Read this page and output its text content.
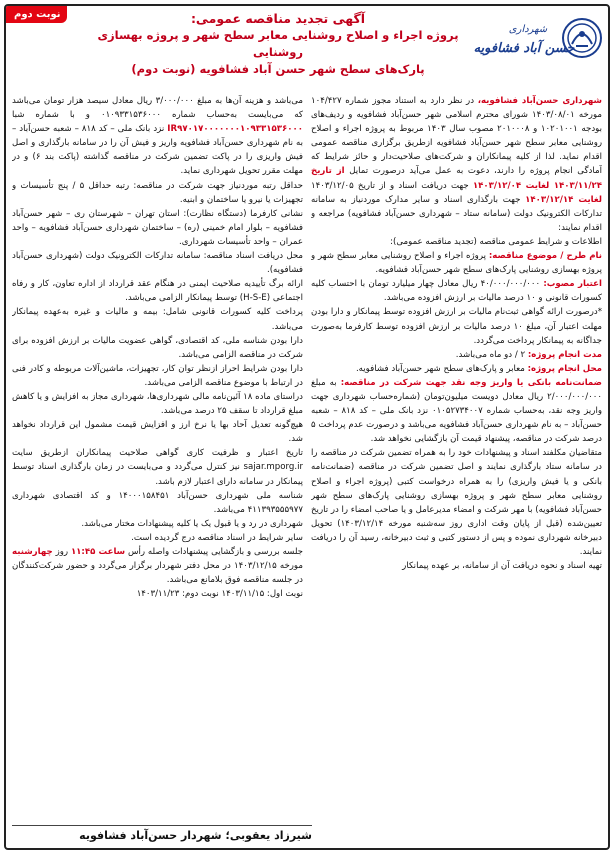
نوبت دوم
شهرداری
حسن آباد فشافویه
آگهی تجدید مناقصه عمومی:
پروژه اجراء و اصلاح روشنایی معابر سطح شهر و پروژه بهسازی روشنایی
پارک‌های سطح شهر حسن آباد فشافویه (نوبت دوم)

شهرداری حسن‌آباد فشافویه، در نظر دارد به استناد مجوز شماره ۱۰۴/۴۲۷ مورخه ۱۴۰۳/۰۸/۰۱ شورای محترم اسلامی شهر حسن‌آباد فشافویه و ردیف‌های بودجه ۱۰۲۰۱۰۰۱ و ۲۰۱۰۰۰۸ مصوب سال ۱۴۰۳ مربوط به پروژه اجراء و اصلاح روشنایی معابر سطح شهر حسن‌آباد فشافویه ازطریق برگزاری مناقصه عمومی اقدام نماید. لذا از کلیه پیمانکاران و شرکت‌های صلاحیت‌دار و حائز شرایط که آمادگی انجام پروژه را دارند، دعوت به عمل می‌آید درصورت تمایل از تاریخ ۱۴۰۳/۱۱/۲۴ لغایت ۱۴۰۳/۱۲/۰۴ جهت دریافت اسناد و از تاریخ ۱۴۰۳/۱۲/۰۵ لغایت ۱۴۰۳/۱۲/۱۴ جهت بارگذاری اسناد و سایر مدارک موردنیاز به سامانه تدارکات الکترونیک دولت (سامانه ستاد – شهرداری حسن‌آباد فشافویه) مراجعه و اقدام نمایند:

اطلاعات و شرایط عمومی مناقصه (تجدید مناقصه عمومی):

نام طرح / موضوع مناقصه: پروژه اجراء و اصلاح روشنایی معابر سطح شهر و پروژه بهسازی روشنایی پارک‌های سطح شهر حسن‌آباد فشافویه.

اعتبار مصوب: ۴۰/۰۰۰/۰۰۰/۰۰۰ ریال معادل چهار میلیارد تومان با احتساب کلیه کسورات قانونی و ۱۰ درصد مالیات بر ارزش افزوده می‌باشد.

*درصورت ارائه گواهی ثبت‌نام مالیات بر ارزش افزوده توسط پیمانکار و دارا بودن مهلت اعتبار آن، مبلغ ۱۰ درصد مالیات بر ارزش افزوده توسط کارفرما به‌صورت جداگانه به پیمانکار پرداخت می‌گردد.

مدت انجام پروژه: ۲ / دو ماه می‌باشد.

محل انجام پروژه: معابر و پارک‌های سطح شهر حسن‌آباد فشافویه.

ضمانت‌نامه بانکی یا واریز وجه نقد جهت شرکت در مناقصه: به مبلغ ۲/۰۰۰/۰۰۰/۰۰۰ ریال معادل دویست میلیون‌تومان (شماره‌حساب شهرداری جهت واریز وجه نقد، به‌حساب شماره ۰۱۰۵۲۷۳۴۰۰۷ نزد بانک ملی – کد ۸۱۸ – شعبه حسن‌آباد – به نام شهرداری حسن‌آباد فشافویه می‌باشد و درصورت عدم پرداخت ۵ درصد شرکت در مناقصه، پیشنهاد قیمت آن بازگشایی نخواهد شد.

متقاضیان مکلفند اسناد و پیشنهادات خود را به همراه تضمین شرکت در مناقصه را در سامانه ستاد بارگذاری نمایند و اصل تضمین شرکت در مناقصه (ضمانت‌نامه بانکی و یا فیش واریزی) را به همراه درخواست کتبی (پروژه اجراء و اصلاح روشنایی معابر سطح شهر و پروژه بهسازی روشنایی پارک‌های سطح شهر حسن‌آباد فشافویه) با مهر شرکت و امضاء مدیرعامل و یا صاحب امضاء را در تاریخ تعیین‌شده (قبل از پایان وقت اداری روز سه‌شنبه مورخه ۱۴۰۳/۱۲/۱۴) تحویل دبیرخانه شهرداری نموده و پس از دستور کتبی و ثبت دبیرخانه، رسید آن را دریافت نمایند.

تهیه اسناد و نحوه دریافت آن از سامانه، بر عهده پیمانکار

می‌باشد و هزینه آن‌ها به مبلغ ۳/۰۰۰/۰۰۰ ریال معادل سیصد هزار تومان می‌باشد که می‌بایست به‌حساب شماره ۰۱۰۹۳۳۱۵۳۶۰۰۰ و با شماره شبا IR۹۷۰۱۷۰۰۰۰۰۰۰۱۰۹۳۳۱۵۳۶۰۰۰ نزد بانک ملی – کد ۸۱۸ – شعبه حسن‌آباد – به نام شهرداری حسن‌آباد فشافویه واریز و فیش آن را در سامانه بارگذاری و اصل فیش واریزی را در پاکت تضمین شرکت در مناقصه گذاشته (پاکت بند ۶) و در مهلت مقرر تحویل شهرداری نماید.

حداقل رتبه موردنیاز جهت شرکت در مناقصه: رتبه حداقل ۵ / پنج تأسیسات و تجهیزات یا نیرو یا ساختمان و ابنیه.

نشانی کارفرما (دستگاه نظارت): استان تهران – شهرستان ری – شهر حسن‌آباد فشافویه – بلوار امام خمینی (ره) – ساختمان شهرداری حسن‌آباد فشافویه – واحد عمران – واحد تأسیسات شهرداری.

محل دریافت اسناد مناقصه: سامانه تدارکات الکترونیک دولت (شهرداری حسن‌آباد فشافویه).

ارائه برگ تأییدیه صلاحیت ایمنی در هنگام عقد قرارداد از اداره تعاون، کار و رفاه اجتماعی (H-S-E) توسط پیمانکار الزامی می‌باشد.

پرداخت کلیه کسورات قانونی شامل: بیمه و مالیات و غیره به‌عهده پیمانکار می‌باشد.

دارا بودن شناسه ملی، کد اقتصادی، گواهی عضویت مالیات بر ارزش افزوده برای شرکت در مناقصه الزامی می‌باشد.

دارا بودن شرایط احراز ازنظر توان کار، تجهیزات، ماشین‌آلات مربوطه و کادر فنی در ارتباط با موضوع مناقصه الزامی می‌باشد.

دراستای ماده ۱۸ آئین‌نامه مالی شهرداری‌ها، شهرداری مجاز به افزایش و یا کاهش مبلغ قرارداد تا سقف ۲۵ درصد می‌باشد.

هیچ‌گونه تعدیل آحاد بها یا نرخ ارز و افزایش قیمت مشمول این قرارداد نخواهد شد.

تاریخ اعتبار و ظرفیت کاری گواهی صلاحیت پیمانکاران ازطریق سایت sajar.mporg.ir نیز کنترل می‌گردد و می‌بایست در زمان بارگذاری اسناد توسط پیمانکار در سامانه دارای اعتبار لازم باشد.

شناسه ملی شهرداری حسن‌آباد ۱۴۰۰۰۱۵۸۴۵۱ و کد اقتصادی شهرداری ۴۱۱۳۹۳۵۵۵۹۷۷ می‌باشد.

شهرداری در رد و یا قبول یک یا کلیه پیشنهادات مختار می‌باشد.

سایر شرایط در اسناد مناقصه درج گردیده است.

جلسه بررسی و بازگشایی پیشنهادات واصله رأس ساعت ۱۱:۴۵ روز چهارشنبه مورخه ۱۴۰۳/۱۲/۱۵ در محل دفتر شهردار برگزار می‌گردد و حضور شرکت‌کنندگان در جلسه مناقصه فوق بلامانع می‌باشد.

نوبت اول: ۱۴۰۳/۱۱/۱۵ نوبت دوم: ۱۴۰۳/۱۱/۲۳

شیرزاد یعقوبی؛ شهردار حسن‌آباد فشافویه
